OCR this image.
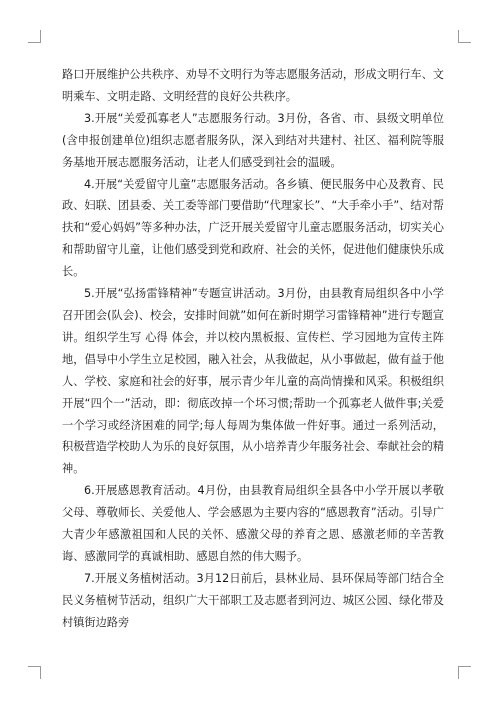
路口开展维护公共秩序、劝导不文明行为等志愿服务活动，形成文明行车、文明乘车、文明走路、文明经营的良好公共秩序。

3.开展“关爱孤寡老人”志愿服务行动。3月份，各省、市、县级文明单位(含申报创建单位)组织志愿者服务队，深入到结对共建村、社区、福利院等服务基地开展志愿服务活动，让老人们感受到社会的温暖。

4.开展“关爱留守儿童”志愿服务活动。各乡镇、便民服务中心及教育、民政、妇联、团县委、关工委等部门要借助“代理家长”、“大手牵小手”、结对帮扶和“爱心妈妈”等多种办法，广泛开展关爱留守儿童志愿服务活动，切实关心和帮助留守儿童，让他们感受到党和政府、社会的关怀，促进他们健康快乐成长。

5.开展“弘扬雷锋精神”专题宣讲活动。3月份，由县教育局组织各中小学召开团会(队会)、校会，安排时间就”如何在新时期学习雷锋精神”进行专题宣讲。组织学生写 心得 体会，并以校内黑板报、宣传栏、学习园地为宣传主阵地，倡导中小学生立足校园，融入社会，从我做起，从小事做起，做有益于他人、学校、家庭和社会的好事，展示青少年儿童的高尚情操和风采。积极组织开展“四个一”活动，即：彻底改掉一个坏习惯;帮助一个孤寡老人做件事;关爱一个学习或经济困难的同学;每人每周为集体做一件好事。通过一系列活动，积极营造学校助人为乐的良好氛围，从小培养青少年服务社会、奉献社会的精神。

6.开展感恩教育活动。4月份，由县教育局组织全县各中小学开展以孝敬父母、尊敬师长、关爱他人、学会感恩为主要内容的“感恩教育”活动。引导广大青少年感激祖国和人民的关怀、感激父母的养育之恩、感激老师的辛苦教诲、感激同学的真诚相助、感恩自然的伟大赐予。

7.开展义务植树活动。3月12日前后，县林业局、县环保局等部门结合全民义务植树节活动，组织广大干部职工及志愿者到河边、城区公园、绿化带及村镇街边路旁
